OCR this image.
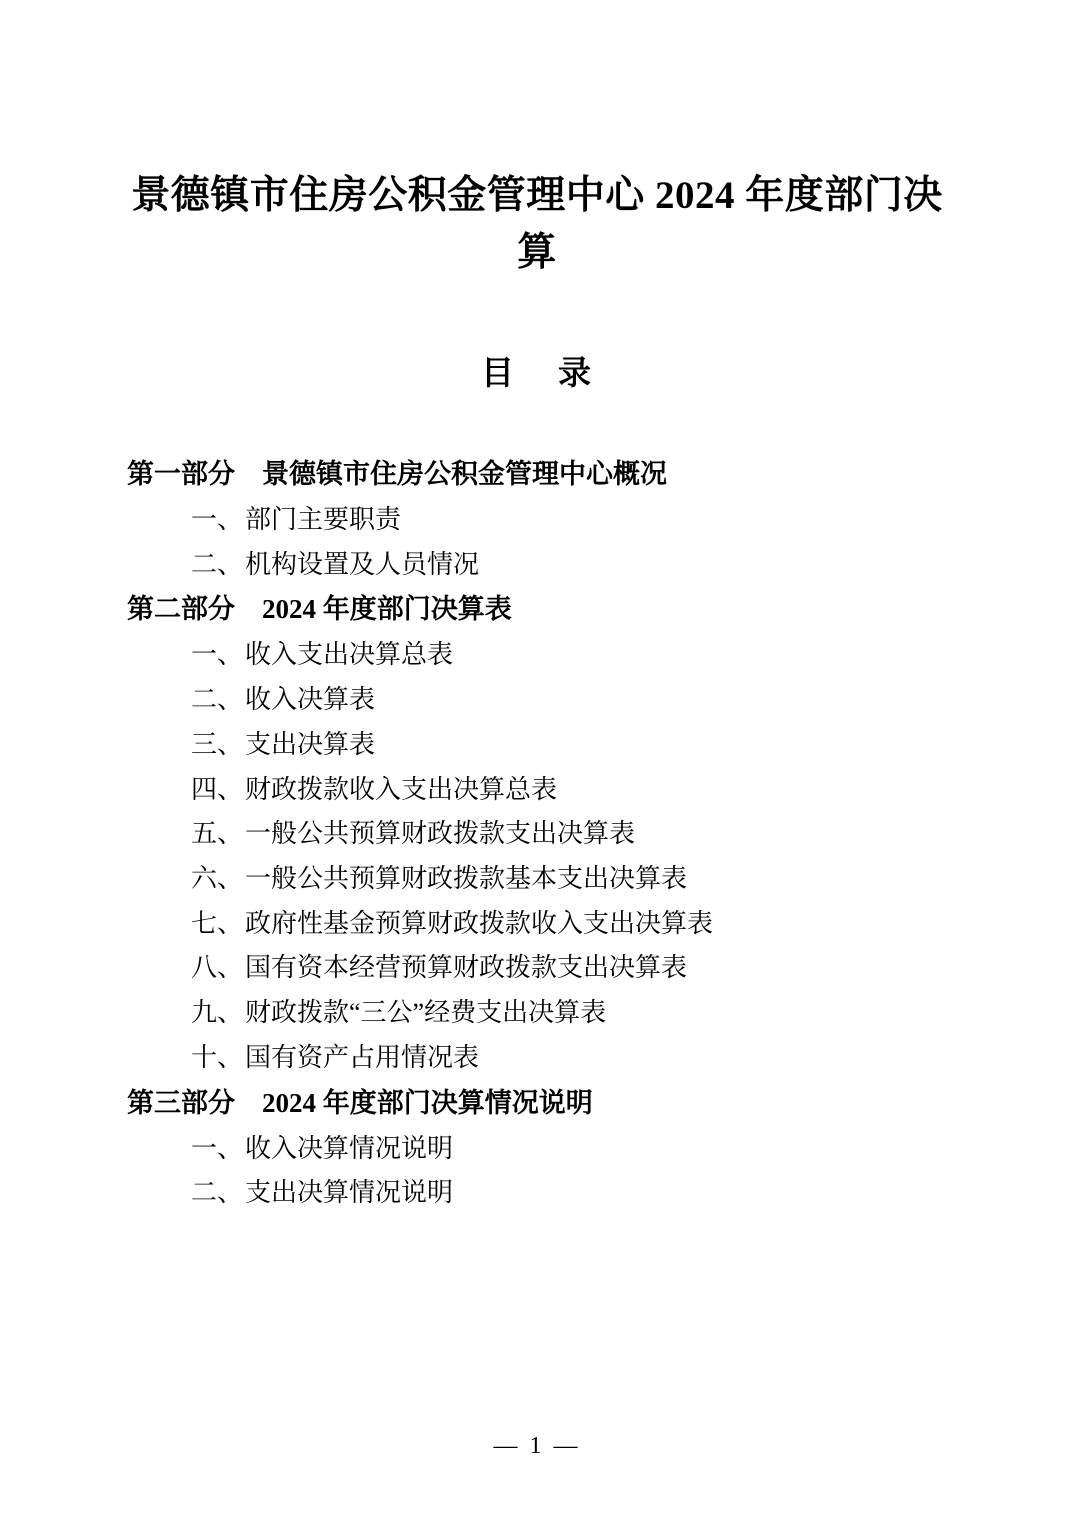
景德镇市住房公积金管理中心 2024 年度部门决算
目 录
第一部分　景德镇市住房公积金管理中心概况
一、部门主要职责
二、机构设置及人员情况
第二部分　2024 年度部门决算表
一、收入支出决算总表
二、收入决算表
三、支出决算表
四、财政拨款收入支出决算总表
五、一般公共预算财政拨款支出决算表
六、一般公共预算财政拨款基本支出决算表
七、政府性基金预算财政拨款收入支出决算表
八、国有资本经营预算财政拨款支出决算表
九、财政拨款“三公”经费支出决算表
十、国有资产占用情况表
第三部分　2024 年度部门决算情况说明
一、收入决算情况说明
二、支出决算情况说明
— 1 —
